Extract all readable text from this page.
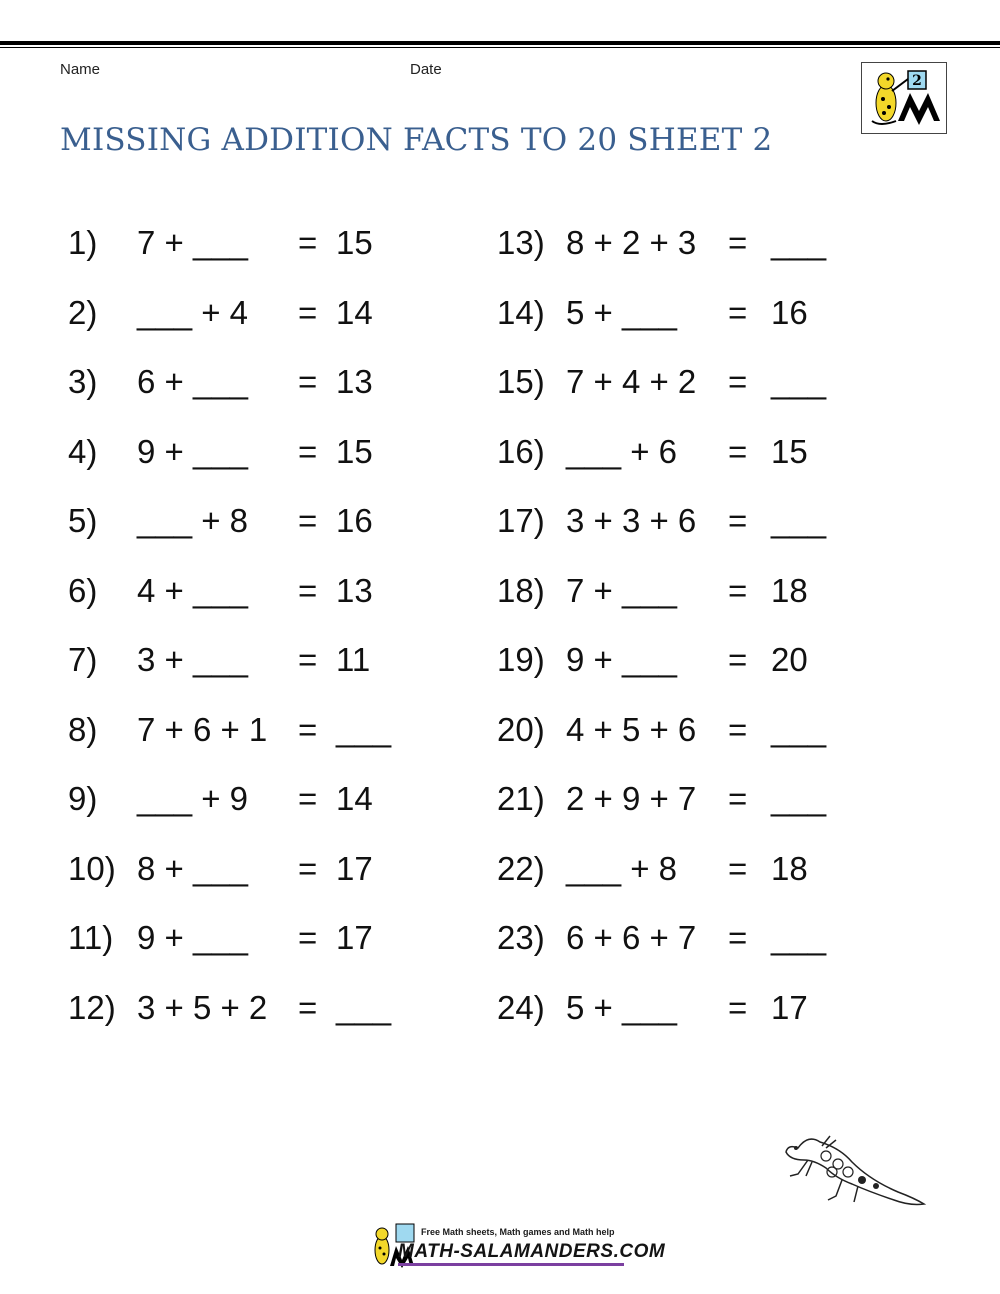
Name	Date
2
MISSING ADDITION FACTS TO 20 SHEET 2
1) 7 + ___ = 15
2) ___ + 4 = 14
3) 6 + ___ = 13
4) 9 + ___ = 15
5) ___ + 8 = 16
6) 4 + ___ = 13
7) 3 + ___ = 11
8) 7 + 6 + 1 = ___
9) ___ + 9 = 14
10) 8 + ___ = 17
11) 9 + ___ = 17
12) 3 + 5 + 2 = ___
13) 8 + 2 + 3 = ___
14) 5 + ___ = 16
15) 7 + 4 + 2 = ___
16) ___ + 6 = 15
17) 3 + 3 + 6 = ___
18) 7 + ___ = 18
19) 9 + ___ = 20
20) 4 + 5 + 6 = ___
21) 2 + 9 + 7 = ___
22) ___ + 8 = 18
23) 6 + 6 + 7 = ___
24) 5 + ___ = 17
Free Math sheets, Math games and Math help
MATH-SALAMANDERS.COM
